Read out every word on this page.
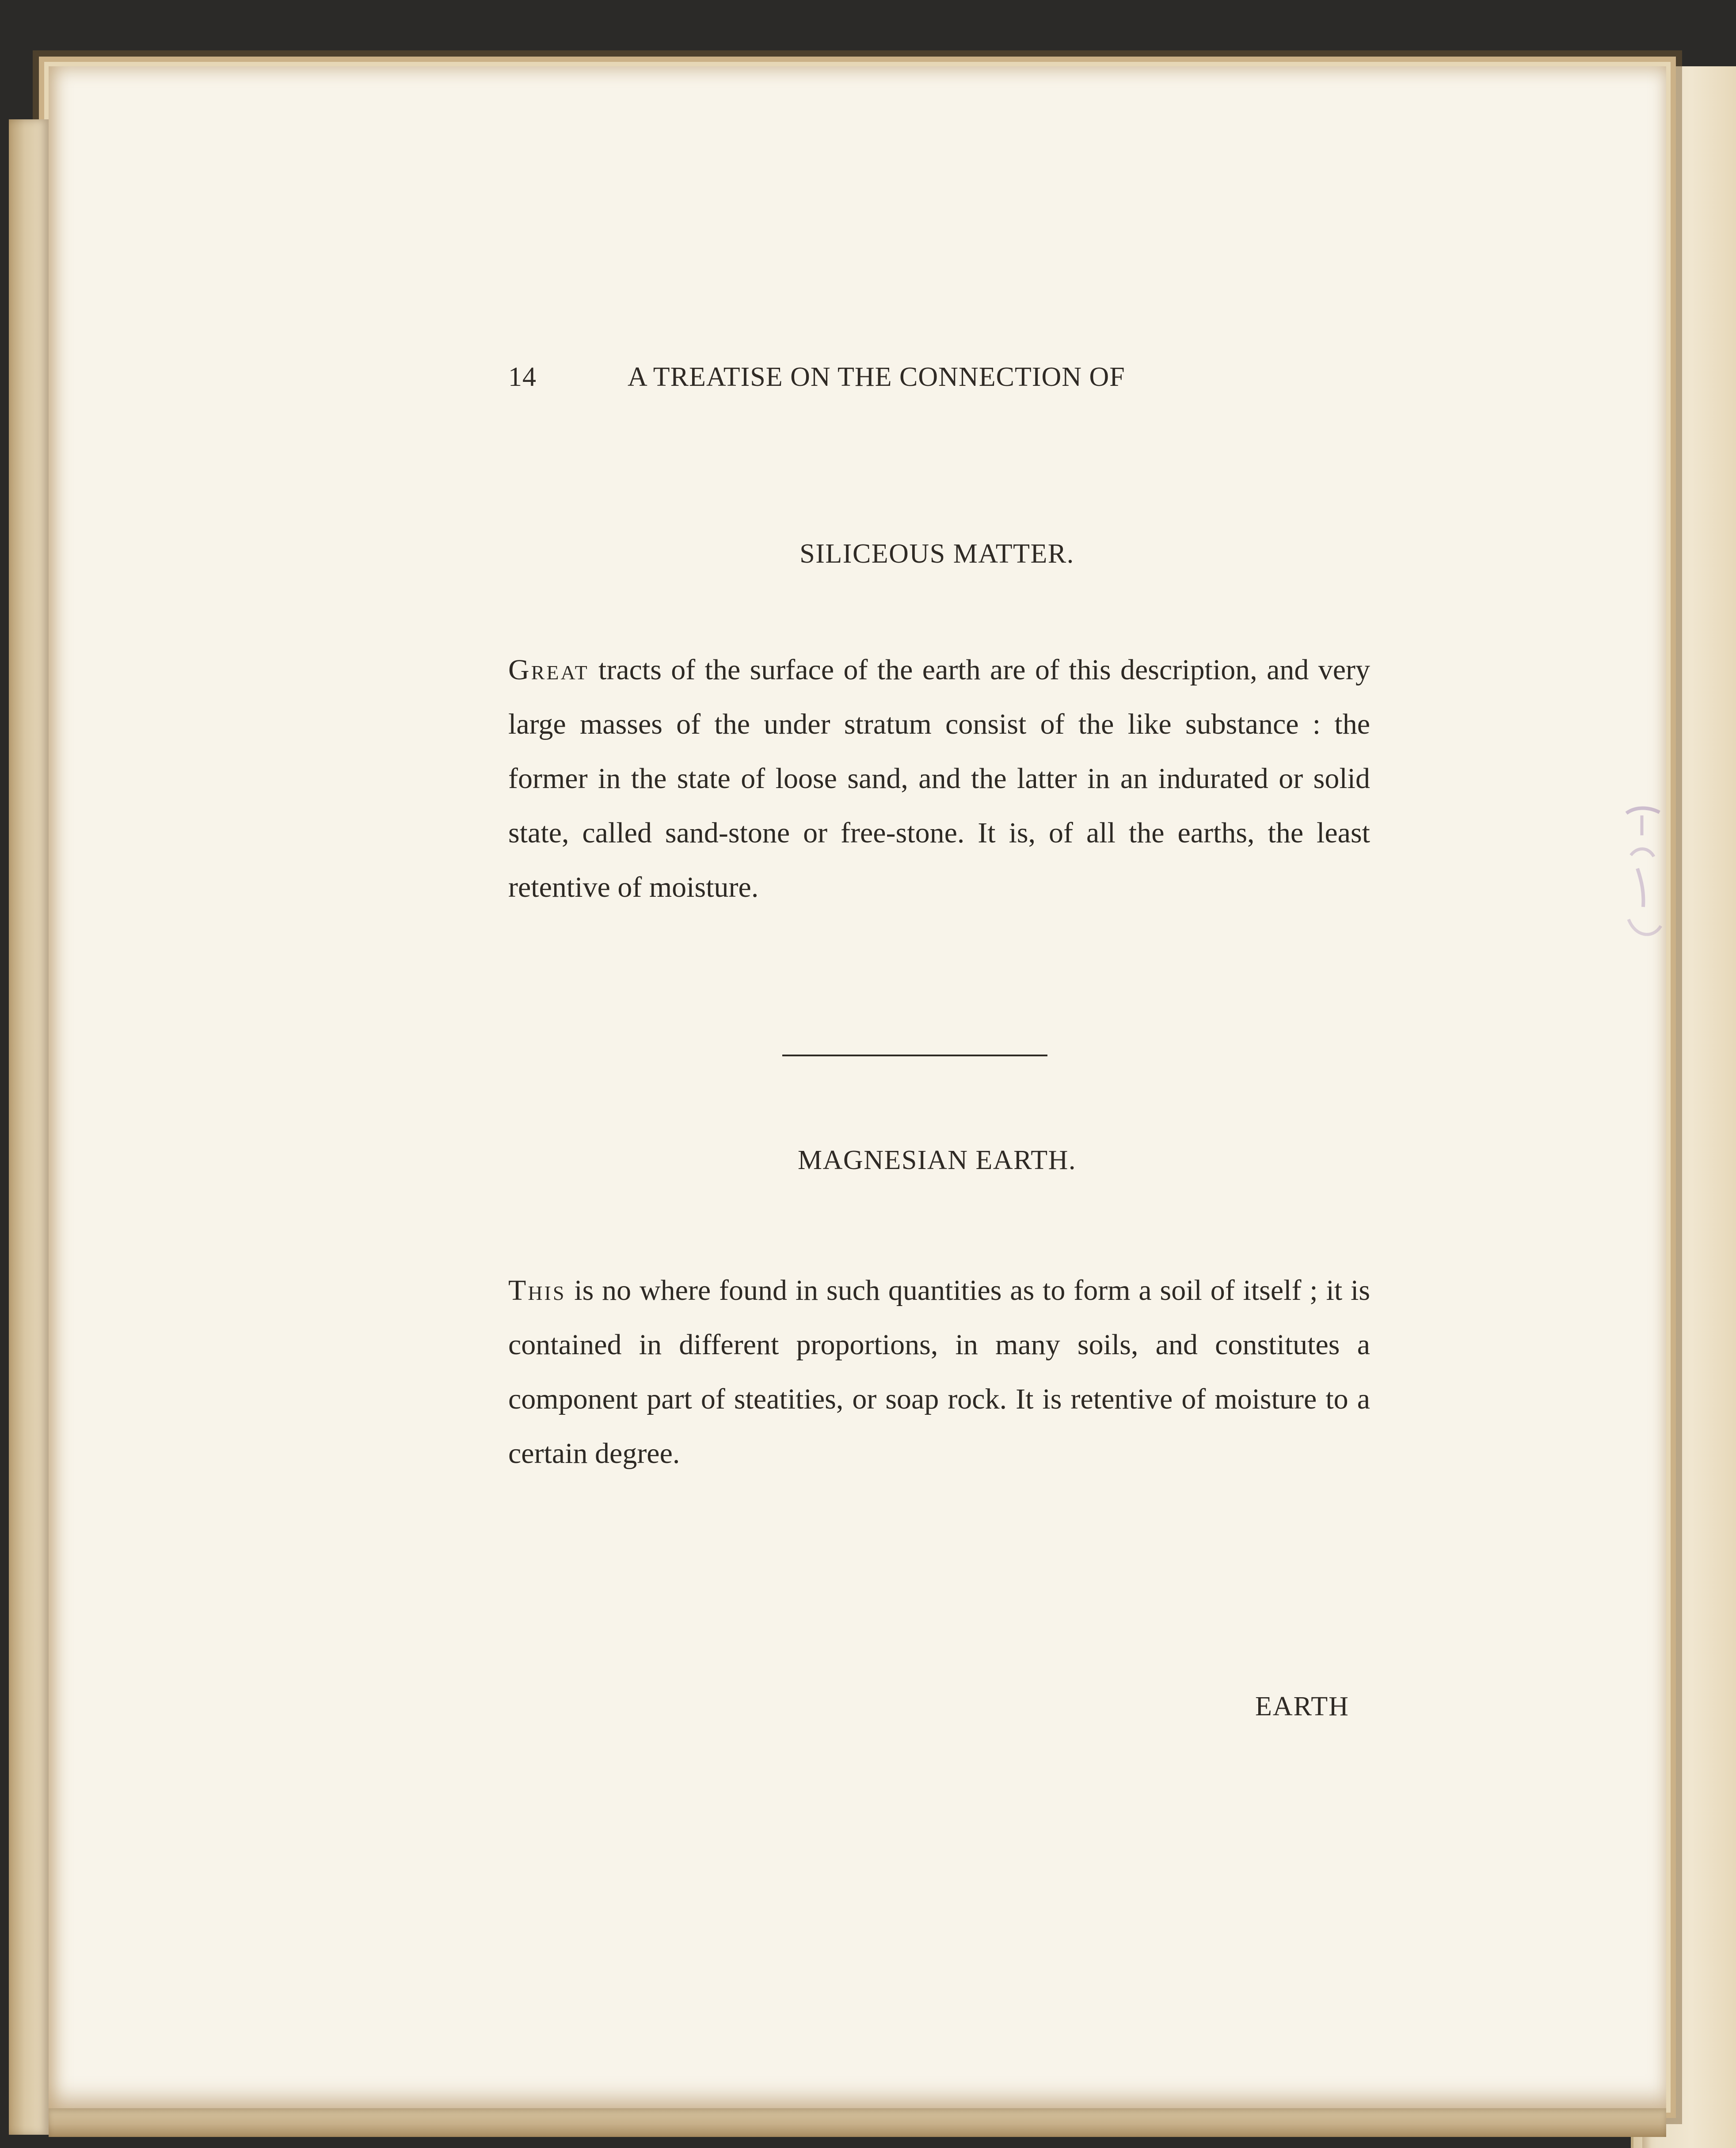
14	A TREATISE ON THE CONNECTION OF
SILICEOUS MATTER.

Great tracts of the surface of the earth are of this description, and very large masses of the under stratum consist of the like substance : the former in the state of loose sand, and the latter in an indurated or solid state, called sand-stone or free-stone. It is, of all the earths, the least retentive of moisture.

MAGNESIAN EARTH.

This is no where found in such quantities as to form a soil of itself ; it is contained in different proportions, in many soils, and constitutes a component part of steatities, or soap rock. It is retentive of moisture to a certain degree.

EARTH
